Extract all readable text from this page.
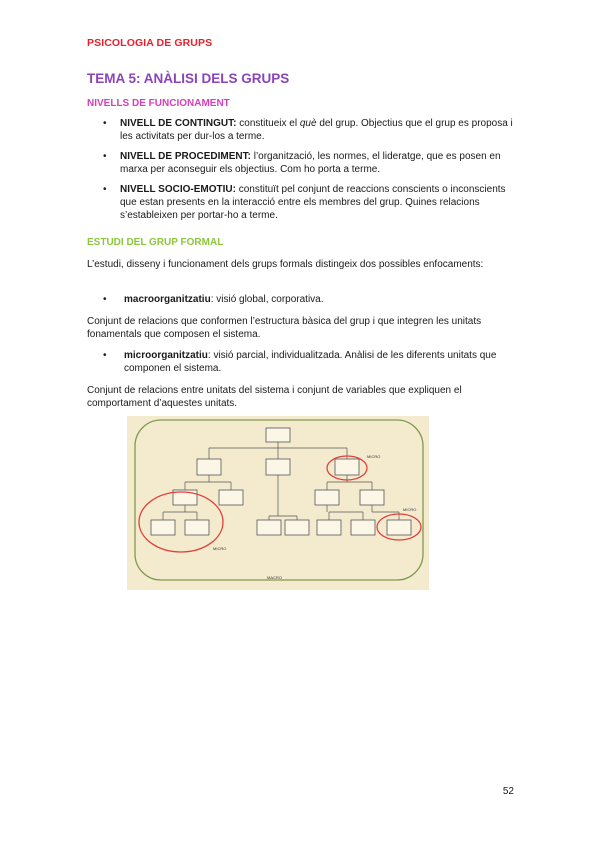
PSICOLOGIA DE GRUPS
TEMA 5: ANÀLISI DELS GRUPS
NIVELLS DE FUNCIONAMENT
• NIVELL DE CONTINGUT: constitueix el què del grup. Objectius que el grup es proposa i les activitats per dur-los a terme.
• NIVELL DE PROCEDIMENT: l’organització, les normes, el lideratge, que es posen en marxa per aconseguir els objectius. Com ho porta a terme.
• NIVELL SOCIO-EMOTIU: constituït pel conjunt de reaccions conscients o inconscients que estan presents en la interacció entre els membres del grup. Quines relacions s’estableixen per portar-ho a terme.
ESTUDI DEL GRUP FORMAL

L’estudi, disseny i funcionament dels grups formals distingeix dos possibles enfocaments:

•	macroorganitzatiu: visió global, corporativa.

Conjunt de relacions que conformen l’estructura bàsica del grup i que integren les unitats fonamentals que composen el sistema.

•	microorganitzatiu: visió parcial, individualitzada. Anàlisi de les diferents unitats que componen el sistema.

Conjunt de relacions entre unitats del sistema i conjunt de variables que expliquen el comportament d’aquestes unitats.

MICRO
MICRO
MICRO
MACRO
52
